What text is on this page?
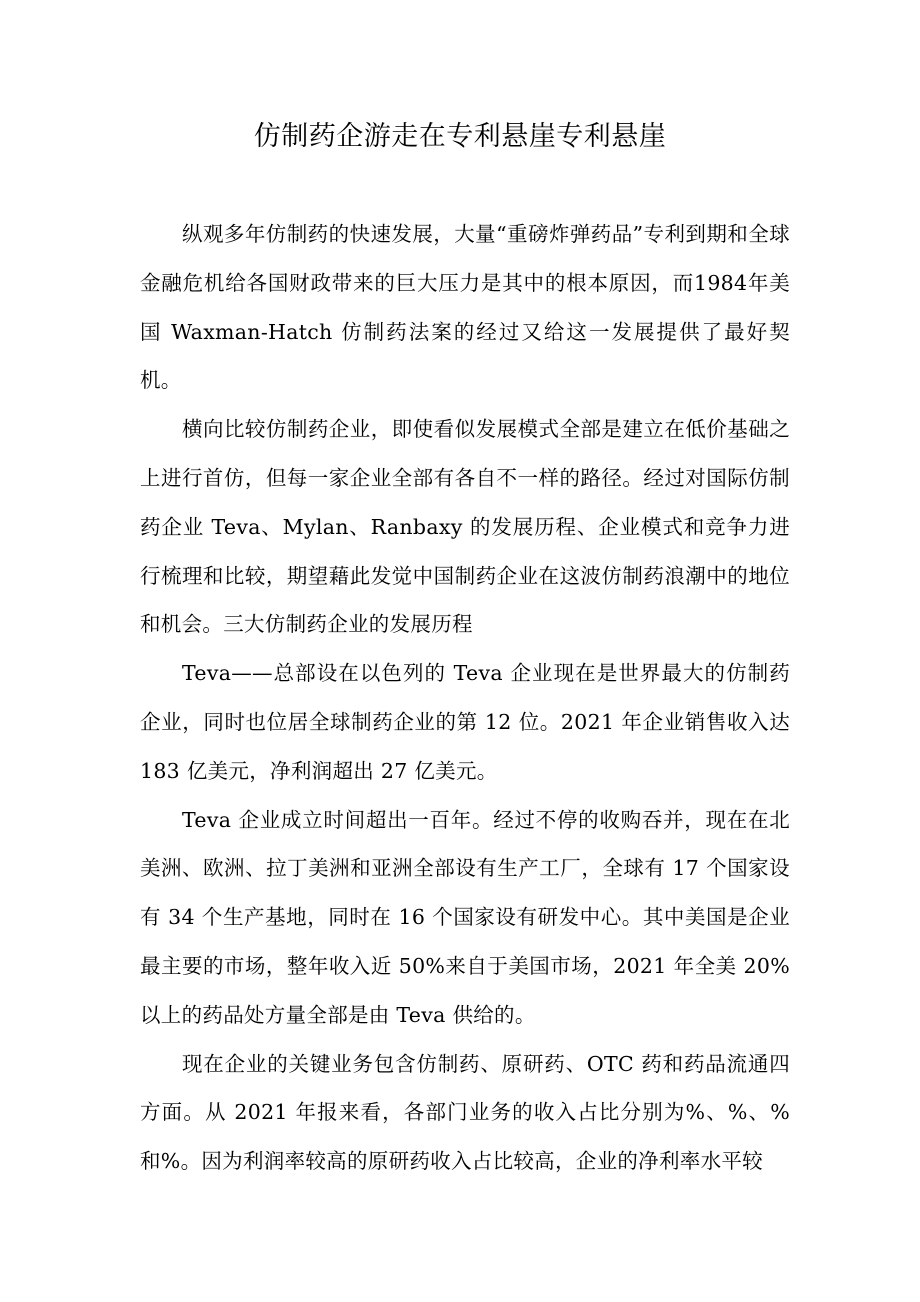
仿制药企游走在专利悬崖专利悬崖

纵观多年仿制药的快速发展，大量“重磅炸弹药品”专利到期和全球金融危机给各国财政带来的巨大压力是其中的根本原因，而1984年美国 Waxman-Hatch 仿制药法案的经过又给这一发展提供了最好契机。

横向比较仿制药企业，即使看似发展模式全部是建立在低价基础之上进行首仿，但每一家企业全部有各自不一样的路径。经过对国际仿制药企业 Teva、Mylan、Ranbaxy 的发展历程、企业模式和竞争力进行梳理和比较，期望藉此发觉中国制药企业在这波仿制药浪潮中的地位和机会。三大仿制药企业的发展历程

Teva——总部设在以色列的 Teva 企业现在是世界最大的仿制药企业，同时也位居全球制药企业的第 12 位。2021 年企业销售收入达 183 亿美元，净利润超出 27 亿美元。

Teva 企业成立时间超出一百年。经过不停的收购吞并，现在在北美洲、欧洲、拉丁美洲和亚洲全部设有生产工厂，全球有 17 个国家设有 34 个生产基地，同时在 16 个国家设有研发中心。其中美国是企业最主要的市场，整年收入近 50%来自于美国市场，2021 年全美 20%以上的药品处方量全部是由 Teva 供给的。

现在企业的关键业务包含仿制药、原研药、OTC 药和药品流通四方面。从 2021 年报来看，各部门业务的收入占比分别为%、%、%和%。因为利润率较高的原研药收入占比较高，企业的净利率水平较
